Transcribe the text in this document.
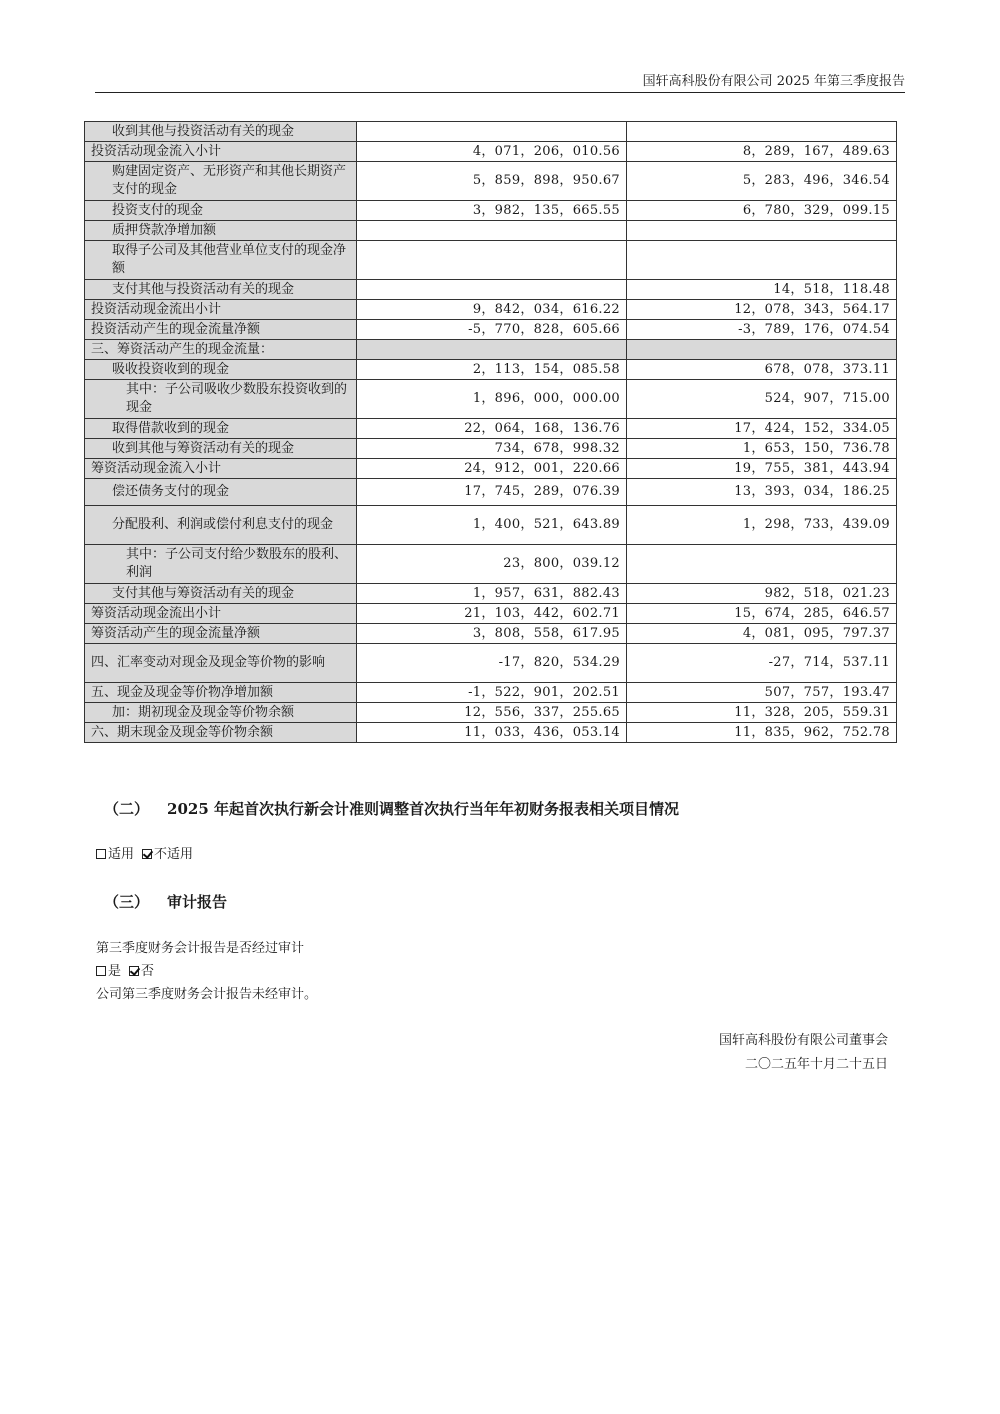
国轩高科股份有限公司 2025 年第三季度报告
收到其他与投资活动有关的现金		
投资活动现金流入小计	4，071，206，010.56	8，289，167，489.63
购建固定资产、无形资产和其他长期资产支付的现金	5，859，898，950.67	5，283，496，346.54
投资支付的现金	3，982，135，665.55	6，780，329，099.15
质押贷款净增加额		
取得子公司及其他营业单位支付的现金净额		
支付其他与投资活动有关的现金		14，518，118.48
投资活动现金流出小计	9，842，034，616.22	12，078，343，564.17
投资活动产生的现金流量净额	-5，770，828，605.66	-3，789，176，074.54
三、筹资活动产生的现金流量：		
吸收投资收到的现金	2，113，154，085.58	678，078，373.11
其中：子公司吸收少数股东投资收到的现金	1，896，000，000.00	524，907，715.00
取得借款收到的现金	22，064，168，136.76	17，424，152，334.05
收到其他与筹资活动有关的现金	734，678，998.32	1，653，150，736.78
筹资活动现金流入小计	24，912，001，220.66	19，755，381，443.94
偿还债务支付的现金	17，745，289，076.39	13，393，034，186.25
分配股利、利润或偿付利息支付的现金	1，400，521，643.89	1，298，733，439.09
其中：子公司支付给少数股东的股利、利润	23，800，039.12	
支付其他与筹资活动有关的现金	1，957，631，882.43	982，518，021.23
筹资活动现金流出小计	21，103，442，602.71	15，674，285，646.57
筹资活动产生的现金流量净额	3，808，558，617.95	4，081，095，797.37
四、汇率变动对现金及现金等价物的影响	-17，820，534.29	-27，714，537.11
五、现金及现金等价物净增加额	-1，522，901，202.51	507，757，193.47
加：期初现金及现金等价物余额	12，556，337，255.65	11，328，205，559.31
六、期末现金及现金等价物余额	11，033，436，053.14	11，835，962，752.78
（二） 2025 年起首次执行新会计准则调整首次执行当年年初财务报表相关项目情况
适用 不适用
（三） 审计报告
第三季度财务会计报告是否经过审计
是 否
公司第三季度财务会计报告未经审计。
国轩高科股份有限公司董事会
二〇二五年十月二十五日
